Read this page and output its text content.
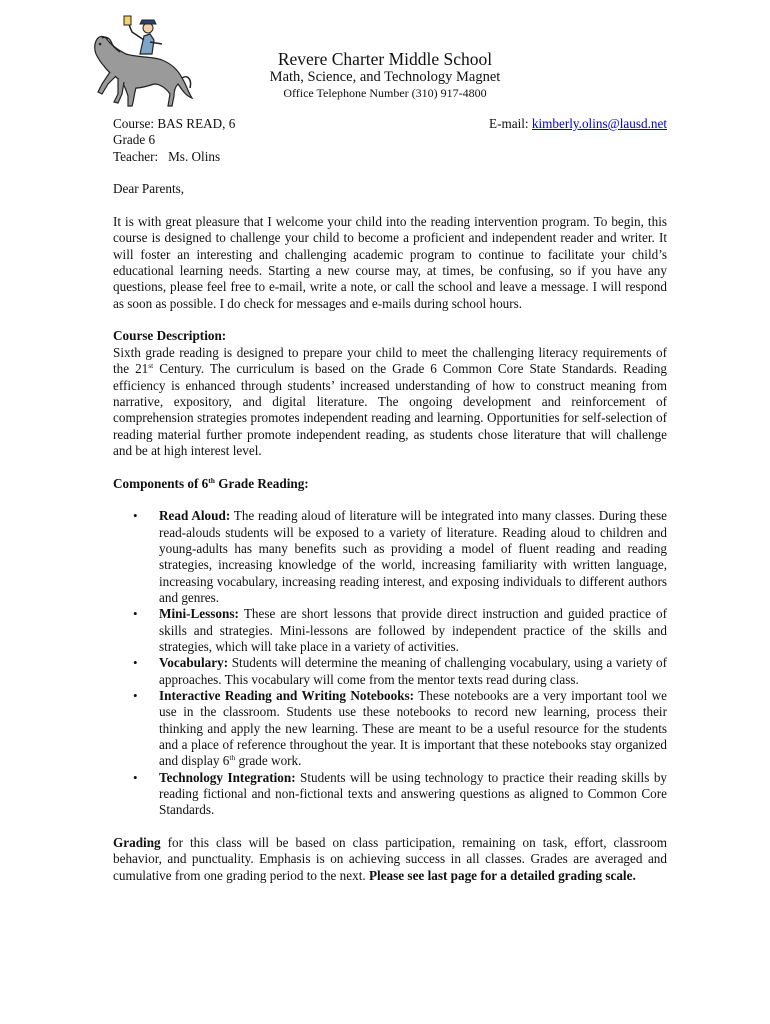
Revere Charter Middle School
Math, Science, and Technology Magnet
Office Telephone Number (310) 917-4800
Course: BAS READ, 6	E-mail: kimberly.olins@lausd.net

Grade 6

Teacher:   Ms. Olins

Dear Parents,

It is with great pleasure that I welcome your child into the reading intervention program. To begin, this course is designed to challenge your child to become a proficient and independent reader and writer. It will foster an interesting and challenging academic program to continue to facilitate your child’s educational learning needs. Starting a new course may, at times, be confusing, so if you have any questions, please feel free to e-mail, write a note, or call the school and leave a message. I will respond as soon as possible. I do check for messages and e-mails during school hours.

Course Description:

Sixth grade reading is designed to prepare your child to meet the challenging literacy requirements of the 21st Century. The curriculum is based on the Grade 6 Common Core State Standards. Reading efficiency is enhanced through students’ increased understanding of how to construct meaning from narrative, expository, and digital literature. The ongoing development and reinforcement of comprehension strategies promotes independent reading and learning. Opportunities for self-selection of reading material further promote independent reading, as students chose literature that will challenge and be at high interest level.

Components of 6th Grade Reading:

• Read Aloud: The reading aloud of literature will be integrated into many classes. During these read-alouds students will be exposed to a variety of literature. Reading aloud to children and young-adults has many benefits such as providing a model of fluent reading and reading strategies, increasing knowledge of the world, increasing familiarity with written language, increasing vocabulary, increasing reading interest, and exposing individuals to different authors and genres.
• Mini-Lessons: These are short lessons that provide direct instruction and guided practice of skills and strategies. Mini-lessons are followed by independent practice of the skills and strategies, which will take place in a variety of activities.
• Vocabulary: Students will determine the meaning of challenging vocabulary, using a variety of approaches. This vocabulary will come from the mentor texts read during class.
• Interactive Reading and Writing Notebooks: These notebooks are a very important tool we use in the classroom. Students use these notebooks to record new learning, process their thinking and apply the new learning. These are meant to be a useful resource for the students and a place of reference throughout the year. It is important that these notebooks stay organized and display 6th grade work.
• Technology Integration: Students will be using technology to practice their reading skills by reading fictional and non-fictional texts and answering questions as aligned to Common Core Standards.

Grading for this class will be based on class participation, remaining on task, effort, classroom behavior, and punctuality. Emphasis is on achieving success in all classes. Grades are averaged and cumulative from one grading period to the next. Please see last page for a detailed grading scale.
